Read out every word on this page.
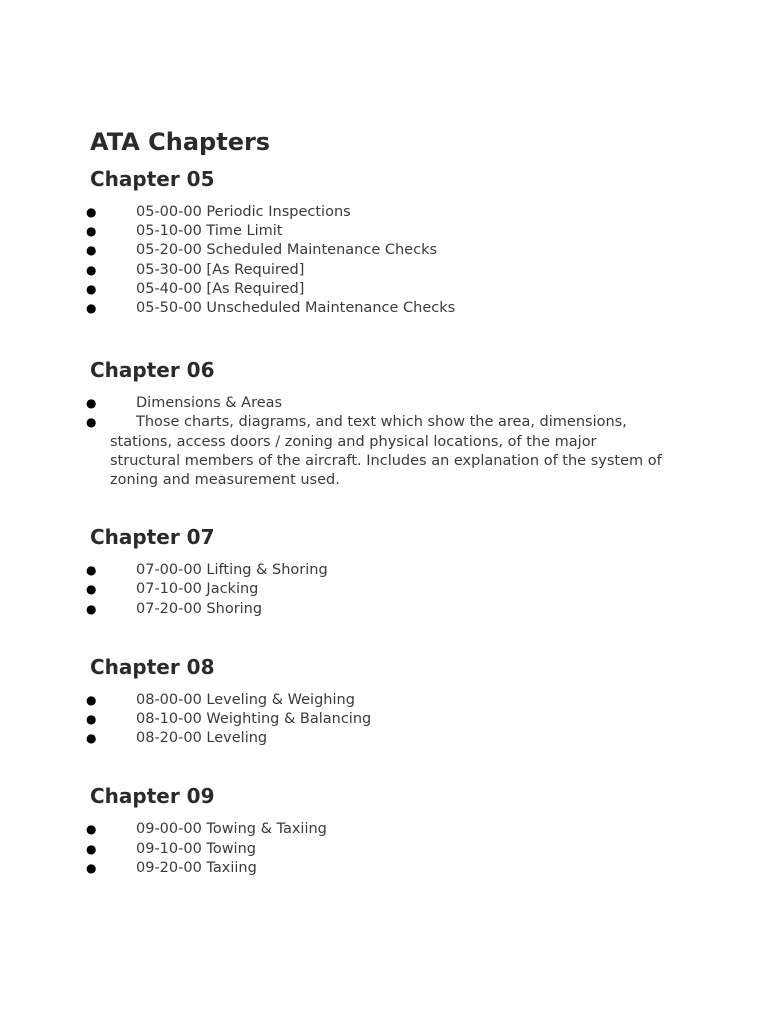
ATA Chapters
Chapter 05
●	05-00-00 Periodic Inspections
●	05-10-00 Time Limit
●	05-20-00 Scheduled Maintenance Checks
●	05-30-00 [As Required]
●	05-40-00 [As Required]
●	05-50-00 Unscheduled Maintenance Checks
Chapter 06
●	Dimensions & Areas
●	Those charts, diagrams, and text which show the area, dimensions, stations, access doors / zoning and physical locations, of the major structural members of the aircraft. Includes an explanation of the system of zoning and measurement used.
Chapter 07
●	07-00-00 Lifting & Shoring
●	07-10-00 Jacking
●	07-20-00 Shoring
Chapter 08
●	08-00-00 Leveling & Weighing
●	08-10-00 Weighting & Balancing
●	08-20-00 Leveling
Chapter 09
●	09-00-00 Towing & Taxiing
●	09-10-00 Towing
●	09-20-00 Taxiing
